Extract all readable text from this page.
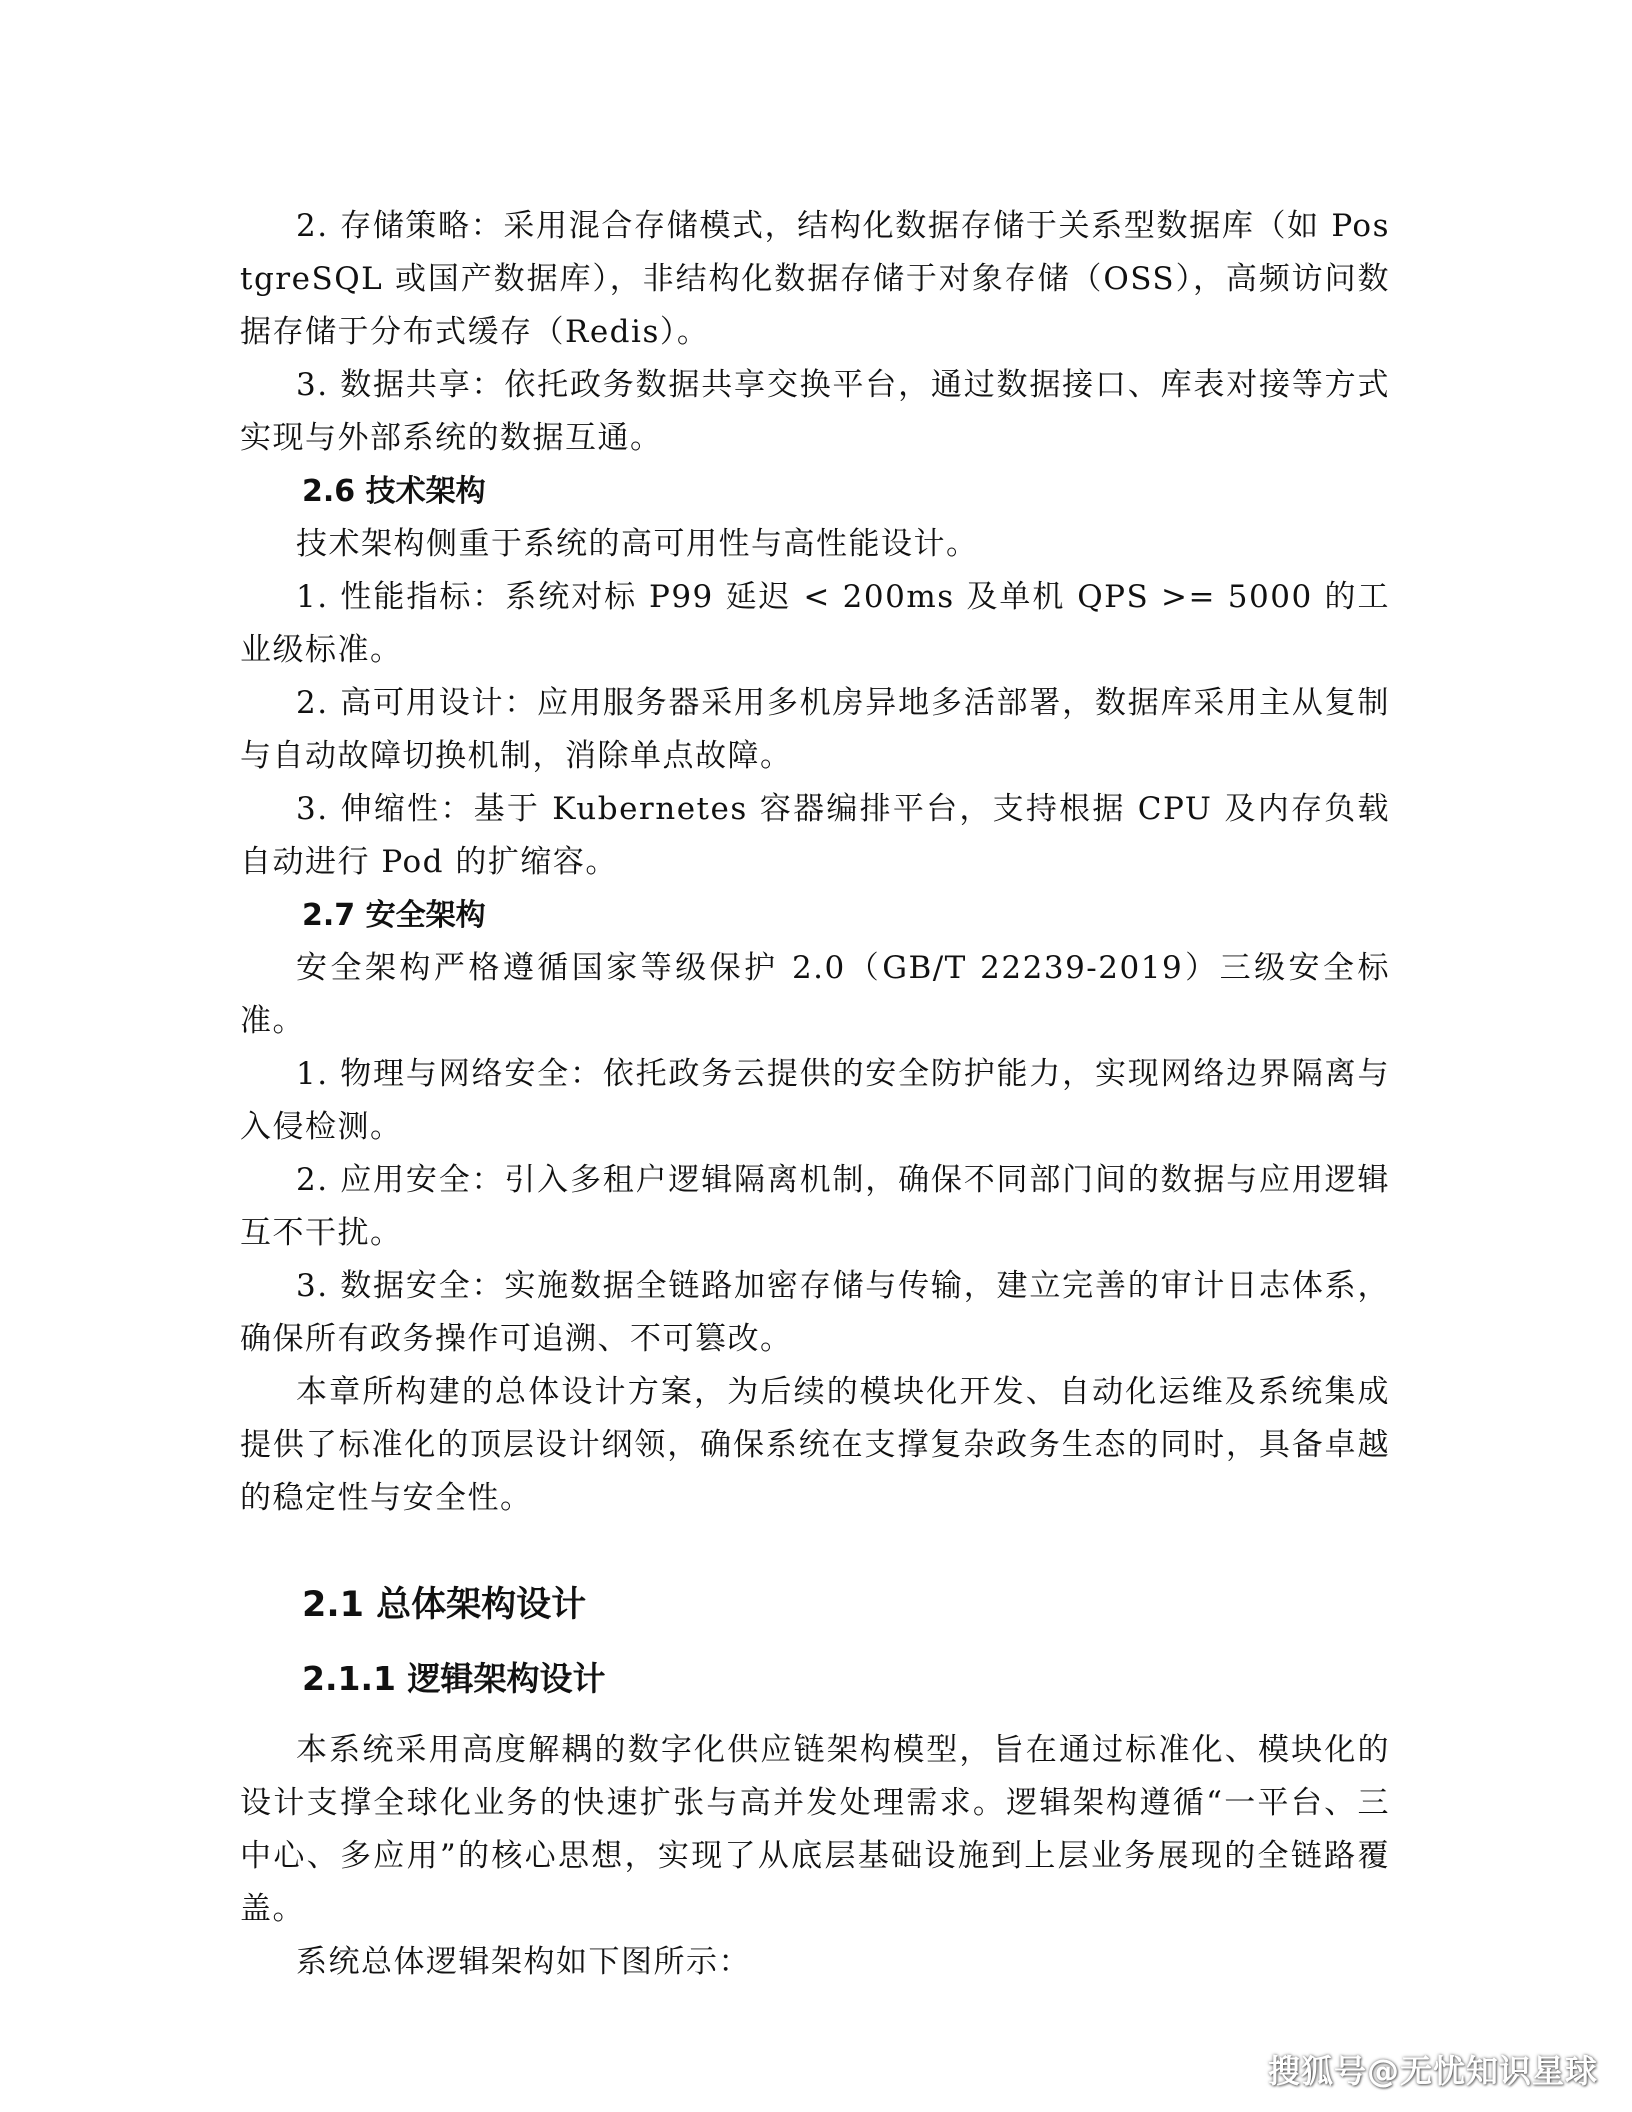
2. 存储策略：采用混合存储模式，结构化数据存储于关系型数据库（如 PostgreSQL 或国产数据库），非结构化数据存储于对象存储（OSS），高频访问数据存储于分布式缓存（Redis）。

3. 数据共享：依托政务数据共享交换平台，通过数据接口、库表对接等方式实现与外部系统的数据互通。

2.6 技术架构

技术架构侧重于系统的高可用性与高性能设计。

1. 性能指标：系统对标 P99 延迟 < 200ms 及单机 QPS >= 5000 的工业级标准。

2. 高可用设计：应用服务器采用多机房异地多活部署，数据库采用主从复制与自动故障切换机制，消除单点故障。

3. 伸缩性：基于 Kubernetes 容器编排平台，支持根据 CPU 及内存负载自动进行 Pod 的扩缩容。

2.7 安全架构

安全架构严格遵循国家等级保护 2.0（GB/T 22239-2019）三级安全标准。

1. 物理与网络安全：依托政务云提供的安全防护能力，实现网络边界隔离与入侵检测。

2. 应用安全：引入多租户逻辑隔离机制，确保不同部门间的数据与应用逻辑互不干扰。

3. 数据安全：实施数据全链路加密存储与传输，建立完善的审计日志体系，确保所有政务操作可追溯、不可篡改。

本章所构建的总体设计方案，为后续的模块化开发、自动化运维及系统集成提供了标准化的顶层设计纲领，确保系统在支撑复杂政务生态的同时，具备卓越的稳定性与安全性。

2.1 总体架构设计

2.1.1 逻辑架构设计

本系统采用高度解耦的数字化供应链架构模型，旨在通过标准化、模块化的设计支撑全球化业务的快速扩张与高并发处理需求。逻辑架构遵循“一平台、三中心、多应用”的核心思想，实现了从底层基础设施到上层业务展现的全链路覆盖。

系统总体逻辑架构如下图所示：

搜狐号@无忧知识星球
